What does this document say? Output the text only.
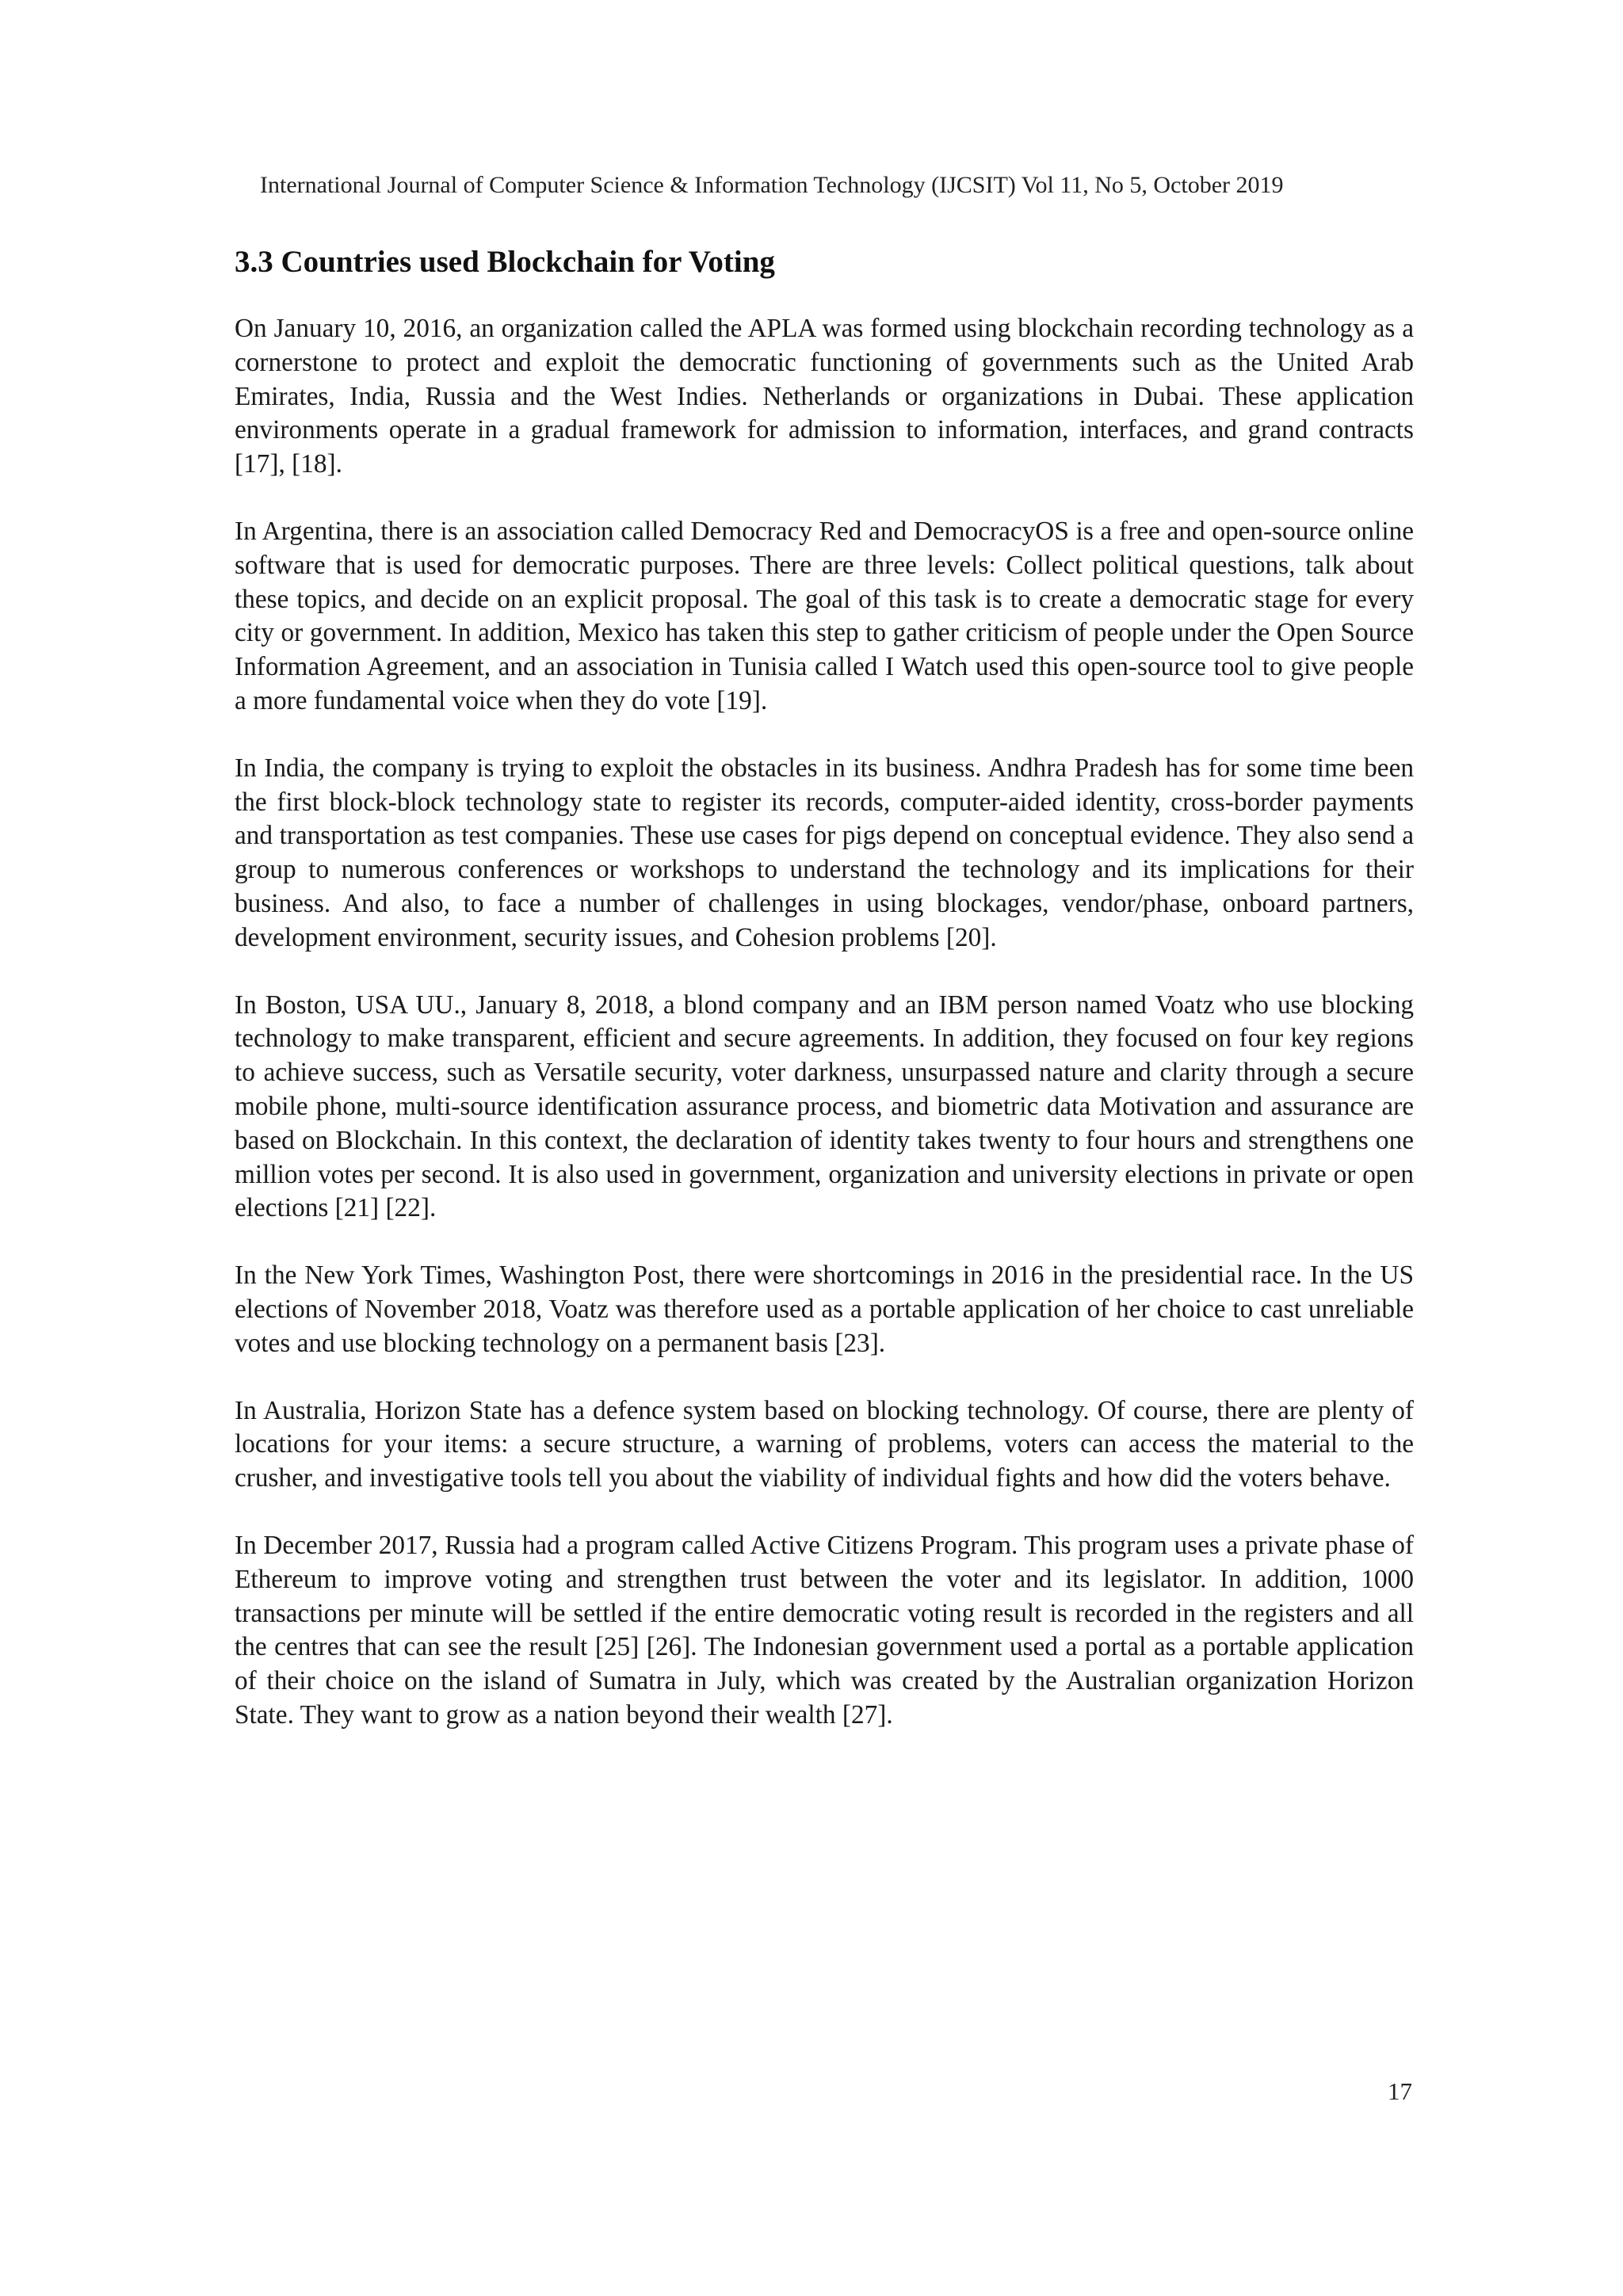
International Journal of Computer Science & Information Technology (IJCSIT) Vol 11, No 5, October 2019
3.3 Countries used Blockchain for Voting

On January 10, 2016, an organization called the APLA was formed using blockchain recording technology as a cornerstone to protect and exploit the democratic functioning of governments such as the United Arab Emirates, India, Russia and the West Indies. Netherlands or organizations in Dubai. These application environments operate in a gradual framework for admission to information, interfaces, and grand contracts [17], [18].

In Argentina, there is an association called Democracy Red and DemocracyOS is a free and open-source online software that is used for democratic purposes. There are three levels: Collect political questions, talk about these topics, and decide on an explicit proposal. The goal of this task is to create a democratic stage for every city or government. In addition, Mexico has taken this step to gather criticism of people under the Open Source Information Agreement, and an association in Tunisia called I Watch used this open-source tool to give people a more fundamental voice when they do vote [19].

In India, the company is trying to exploit the obstacles in its business. Andhra Pradesh has for some time been the first block-block technology state to register its records, computer-aided identity, cross-border payments and transportation as test companies. These use cases for pigs depend on conceptual evidence. They also send a group to numerous conferences or workshops to understand the technology and its implications for their business. And also, to face a number of challenges in using blockages, vendor/phase, onboard partners, development environment, security issues, and Cohesion problems [20].

In Boston, USA UU., January 8, 2018, a blond company and an IBM person named Voatz who use blocking technology to make transparent, efficient and secure agreements. In addition, they focused on four key regions to achieve success, such as Versatile security, voter darkness, unsurpassed nature and clarity through a secure mobile phone, multi-source identification assurance process, and biometric data Motivation and assurance are based on Blockchain. In this context, the declaration of identity takes twenty to four hours and strengthens one million votes per second. It is also used in government, organization and university elections in private or open elections [21] [22].

In the New York Times, Washington Post, there were shortcomings in 2016 in the presidential race. In the US elections of November 2018, Voatz was therefore used as a portable application of her choice to cast unreliable votes and use blocking technology on a permanent basis [23].

In Australia, Horizon State has a defence system based on blocking technology. Of course, there are plenty of locations for your items: a secure structure, a warning of problems, voters can access the material to the crusher, and investigative tools tell you about the viability of individual fights and how did the voters behave.

In December 2017, Russia had a program called Active Citizens Program. This program uses a private phase of Ethereum to improve voting and strengthen trust between the voter and its legislator. In addition, 1000 transactions per minute will be settled if the entire democratic voting result is recorded in the registers and all the centres that can see the result [25] [26]. The Indonesian government used a portal as a portable application of their choice on the island of Sumatra in July, which was created by the Australian organization Horizon State. They want to grow as a nation beyond their wealth [27].

17
